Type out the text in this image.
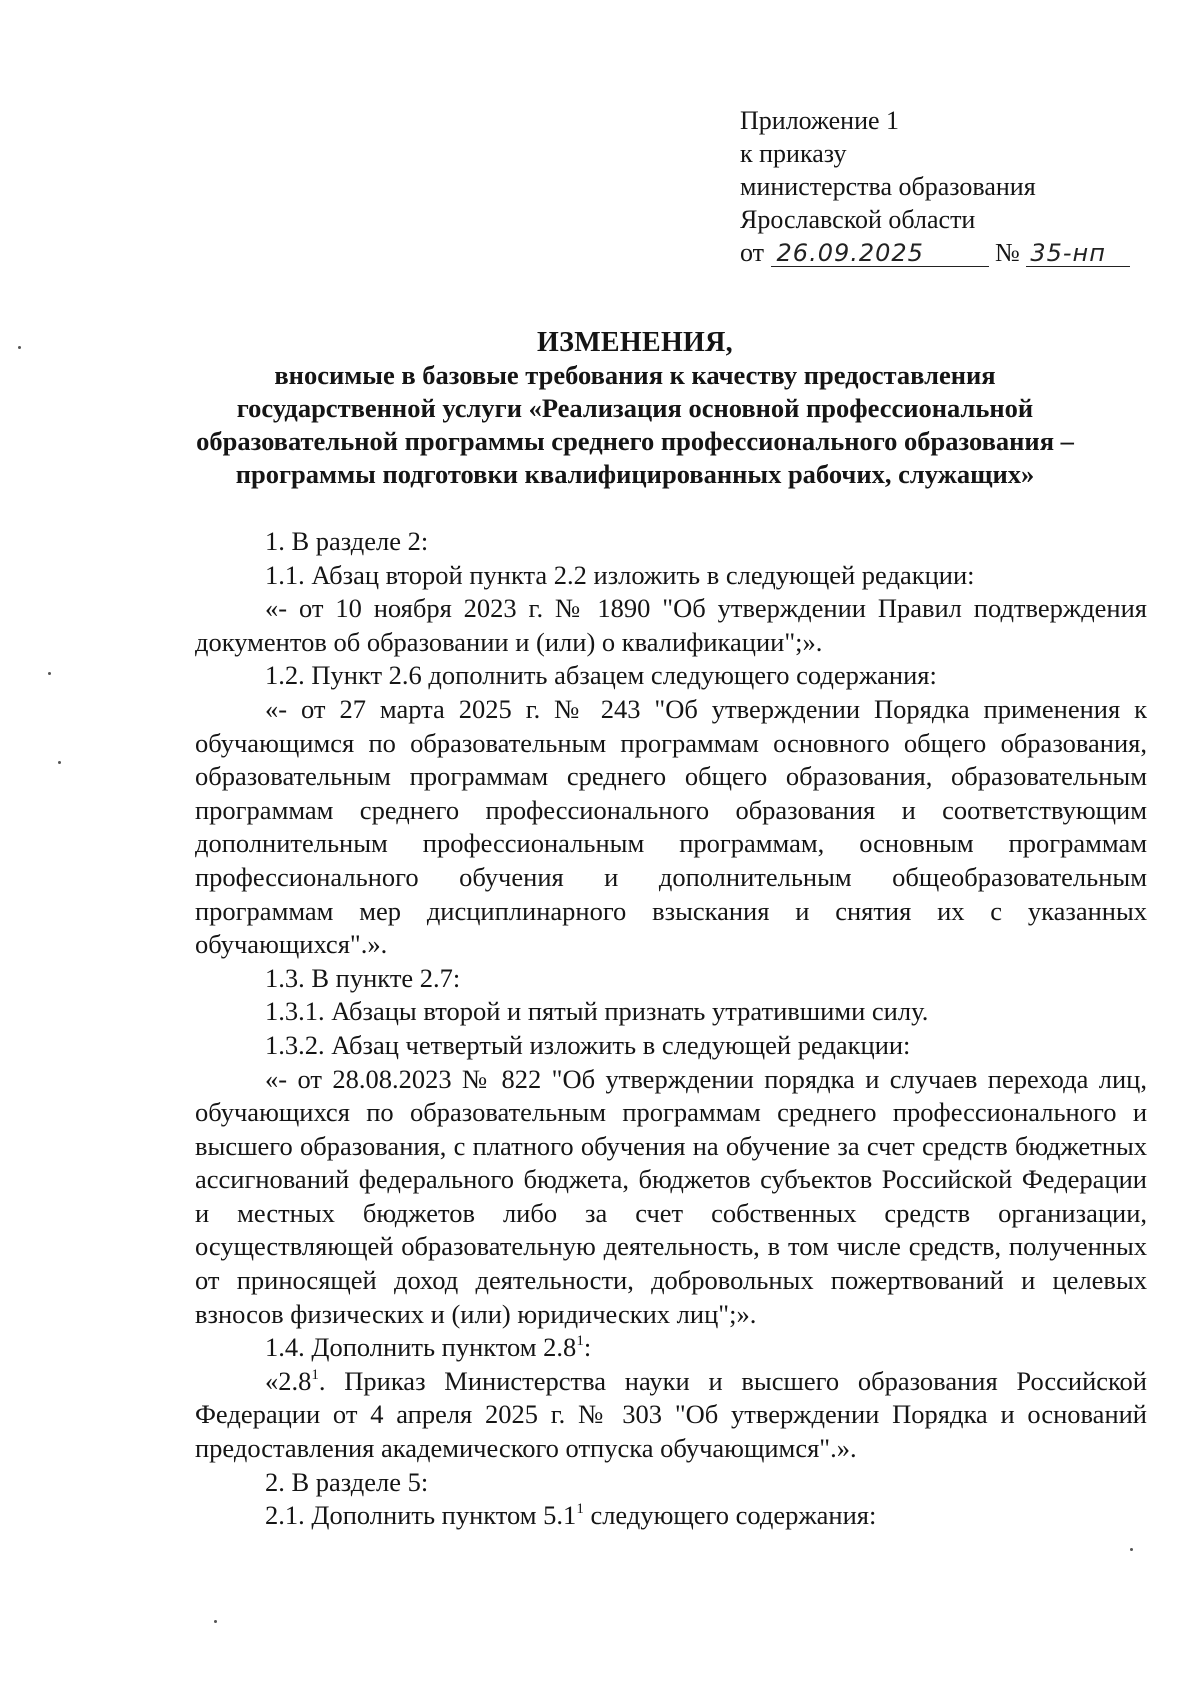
Приложение 1
к приказу
министерства образования
Ярославской области
от 26.09.2025	№ 35-нп
ИЗМЕНЕНИЯ,
вносимые в базовые требования к качеству предоставления
государственной услуги «Реализация основной профессиональной
образовательной программы среднего профессионального образования –
программы подготовки квалифицированных рабочих, служащих»

1. В разделе 2:

1.1. Абзац второй пункта 2.2 изложить в следующей редакции:

«- от 10 ноября 2023 г. № 1890 "Об утверждении Правил подтверждения документов об образовании и (или) о квалификации";».

1.2. Пункт 2.6 дополнить абзацем следующего содержания:

«- от 27 марта 2025 г. № 243 "Об утверждении Порядка применения к обучающимся по образовательным программам основного общего образования, образовательным программам среднего общего образования, образовательным программам среднего профессионального образования и соответствующим дополнительным профессиональным программам, основным программам профессионального обучения и дополнительным общеобразовательным программам мер дисциплинарного взыскания и снятия их с указанных обучающихся".».

1.3. В пункте 2.7:

1.3.1. Абзацы второй и пятый признать утратившими силу.

1.3.2. Абзац четвертый изложить в следующей редакции:

«- от 28.08.2023 № 822 "Об утверждении порядка и случаев перехода лиц, обучающихся по образовательным программам среднего профессионального и высшего образования, с платного обучения на обучение за счет средств бюджетных ассигнований федерального бюджета, бюджетов субъектов Российской Федерации и местных бюджетов либо за счет собственных средств организации, осуществляющей образовательную деятельность, в том числе средств, полученных от приносящей доход деятельности, добровольных пожертвований и целевых взносов физических и (или) юридических лиц";».

1.4. Дополнить пунктом $2.8^1$:

«$2.8^1$. Приказ Министерства науки и высшего образования Российской Федерации от 4 апреля 2025 г. № 303 "Об утверждении Порядка и оснований предоставления академического отпуска обучающимся".».

2. В разделе 5:

2.1. Дополнить пунктом $5.1^1$ следующего содержания:
